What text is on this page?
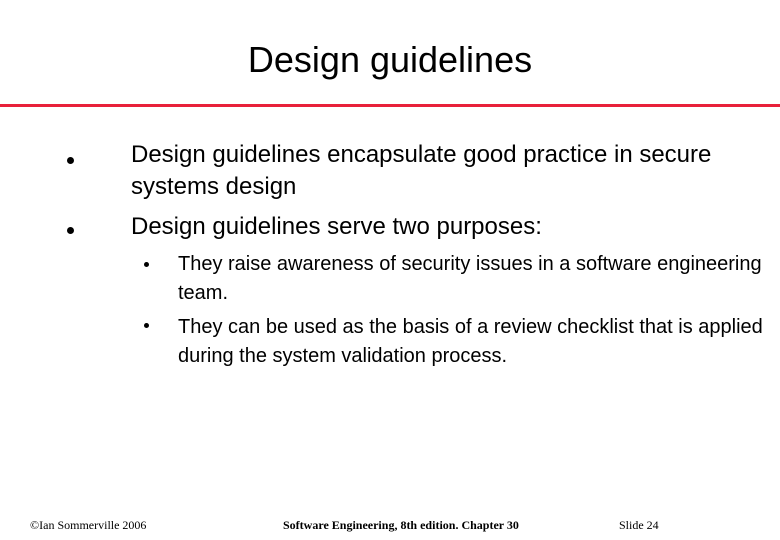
Design guidelines
Design guidelines encapsulate good practice in secure systems design
Design guidelines serve two purposes:
They raise awareness of security issues in a software engineering team.
They can be used as the basis of a review checklist that is applied during the system validation process.
©Ian Sommerville 2006	Software Engineering, 8th edition. Chapter 30	Slide 24
